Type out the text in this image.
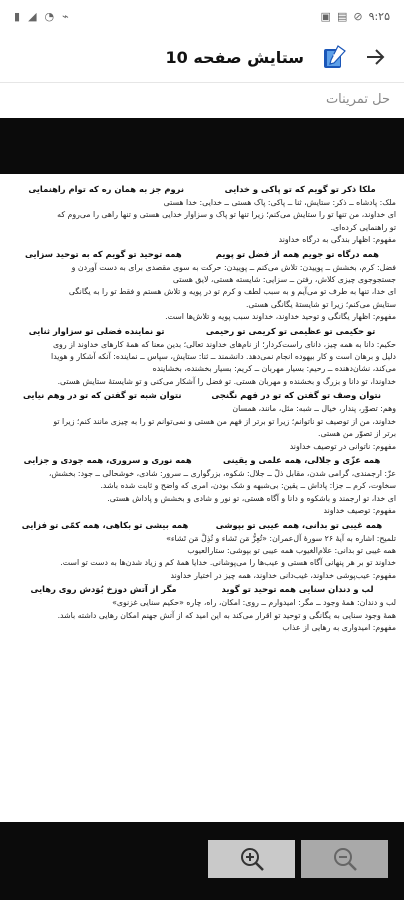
▮ ◢ ◔ ⌁	▣ ▤ ⊘ ۹:۲۵
ستایش صفحه 10
حل تمرینات
ملکا ذکر تو گویم که تو پاکی و خدایی
نروم جز به همان ره که توام راهنمایی
ملک: پادشاه ــ ذکر: ستایش، ثنا ــ پاکی: پاک هستی ــ خدایی: خدا هستی
ای خداوند، من تنها تو را ستایش می‌کنم؛ زیرا تنها تو پاک و سزاوار خدایی هستی و تنها راهی را می‌روم که
تو راهنمایی کرده‌ای.
مفهوم: اظهار بندگی به درگاه خداوند
همه درگاه تو جویم همه از فضل تو پویم
همه توحید تو گویم که به توحید سزایی
فضل: کرم، بخشش ــ پوییدن: تلاش می‌کنم ــ پوییدن: حرکت به سوی مقصدی برای به دست آوردن و
جستجوجوی چیزی کلاش، رفتن ــ سزایی: شایسته هستی، لایق هستی
ای خدا، تنها به طرف تو می‌آیم و به سبب لطف و کرم تو در پویه و تلاش هستم و فقط تو را به یگانگی
ستایش می‌کنم؛ زیرا تو شایستهٔ یگانگی هستی.
مفهوم: اظهار یگانگی و توحید خداوند، خداوند سبب پویه و تلاش‌ها است.
تو حکیمی تو عظیمی تو کریمی تو رحیمی
تو نماینده فضلی تو سزاوار ثنایی
حکیم: دانا به همه چیز، دانای راست‌کردار؛ از نام‌های خداوند تعالی؛ بدین معنا که همهٔ کارهای خداوند از روی
دلیل و برهان است و کار بیهوده انجام نمی‌دهد. دانشمند ــ ثنا: ستایش، سپاس ــ نماینده: آنکه آشکار و هویدا
می‌کند، نشان‌دهنده ــ رحیم: بسیار مهربان ــ کریم: بسیار بخشنده، بخشاینده
خداوندا، تو دانا و بزرگ و بخشنده و مهربان هستی. تو فضل را آشکار می‌کنی و تو شایستهٔ ستایش هستی.
نتوان وصف تو گفتن که تو در فهم نگنجی
نتوان شبه تو گفتن که تو در وهم نیایی
وهم: تصوّر، پندار، خیال ــ شبه: مثل، مانند، همسان
خداوند، من از توصیف تو ناتوانم؛ زیرا تو برتر از فهم من هستی و نمی‌توانم تو را به چیزی مانند کنم؛ زیرا تو
برتر از تصوّر من هستی.
مفهوم: ناتوانی در توصیف خداوند
همه عزّی و جلالی، همه علمی و یقینی
همه نوری و سروری، همه جودی و جزایی
عزّ: ارجمندی، گرامی شدن، مقابل ذلّ ــ جلال: شکوه، بزرگواری ــ سرور: شادی، خوشحالی ــ جود: بخشش،
سخاوت، کرم ــ جزا: پاداش ــ یقین: بی‌شبهه و شک بودن، امری که واضح و ثابت شده باشد.
ای خدا، تو ارجمند و باشکوه و دانا و آگاه هستی، تو نور و شادی و بخشش و پاداش هستی.
مفهوم: توصیف خداوند
همه غیبی تو بدانی، همه عیبی تو بپوشی
همه بیشی تو بکاهی، همه کمّی تو فزایی
تلمیح: اشاره به آیهٔ ۲۶ سورهٔ آل‌عمران: «تُعِزُّ مَن تَشاء و تُذِلُّ مَن تَشاء»
همه غیبی تو بدانی: علام‌الغیوب همه عیبی تو بپوشی: ستارالعیوب
خداوند تو بر هر پنهانی آگاه هستی و عیب‌ها را می‌پوشانی. خدایا همهٔ کم و زیاد شدن‌ها به دست تو است.
مفهوم: عیب‌پوشی خداوند، غیب‌دانی خداوند، همه چیز در اختیار خداوند
لب و دندان سنایی همه توحید تو گوید
مگر از آتش دوزخ بُوَدش روی رهایی
لب و دندان: همهٔ وجود ــ مگر: امیدوارم ــ روی: امکان، راه، چاره «حکیم سنایی غزنوی»
همهٔ وجود سنایی به یگانگی و توحید تو اقرار می‌کند به این امید که از آتش جهنم امکان رهایی داشته باشد.
مفهوم: امیدواری به رهایی از عذاب
